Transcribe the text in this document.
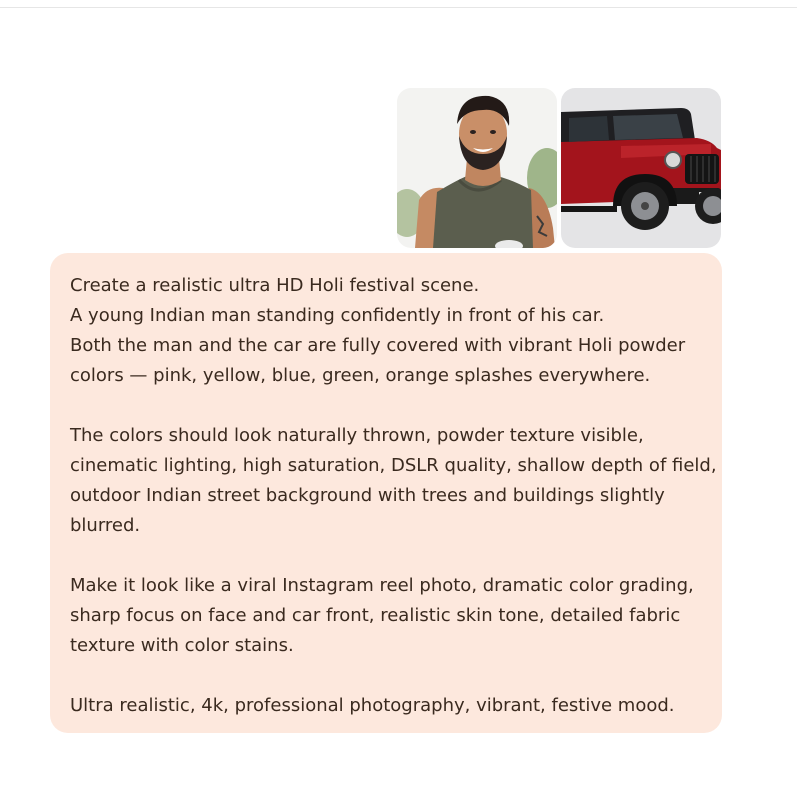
Create a realistic ultra HD Holi festival scene.
A young Indian man standing confidently in front of his car.
Both the man and the car are fully covered with vibrant Holi powder
colors — pink, yellow, blue, green, orange splashes everywhere.

The colors should look naturally thrown, powder texture visible,
cinematic lighting, high saturation, DSLR quality, shallow depth of field,
outdoor Indian street background with trees and buildings slightly
blurred.

Make it look like a viral Instagram reel photo, dramatic color grading,
sharp focus on face and car front, realistic skin tone, detailed fabric
texture with color stains.

Ultra realistic, 4k, professional photography, vibrant, festive mood.
